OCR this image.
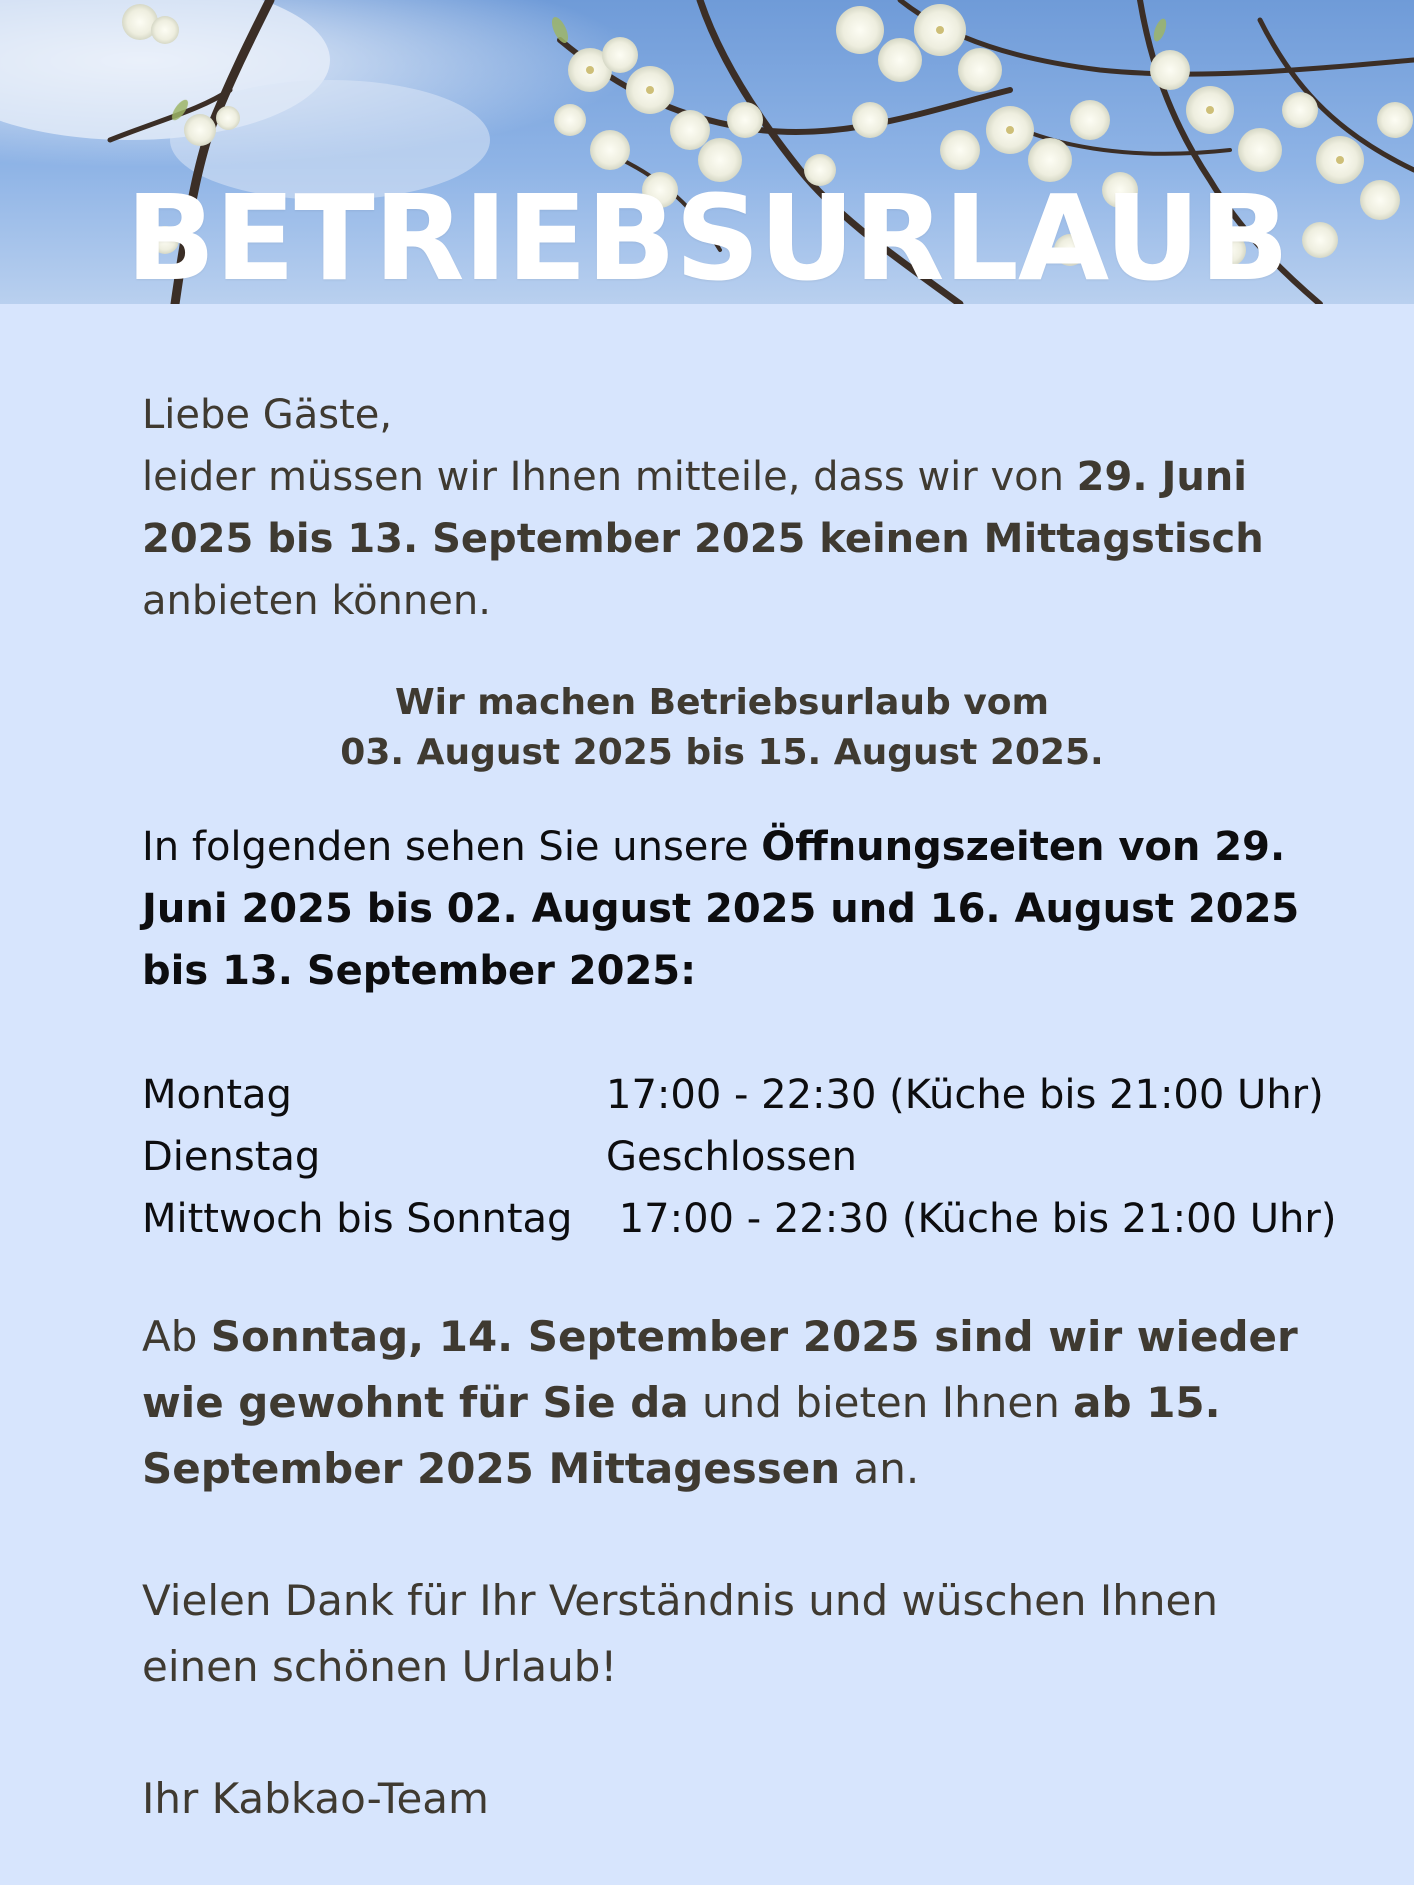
BETRIEBSURLAUB

Liebe Gäste,
leider müssen wir Ihnen mitteile, dass wir von 29. Juni 2025 bis 13. September 2025 keinen Mittagstisch anbieten können.

Wir machen Betriebsurlaub vom
03. August 2025 bis 15. August 2025.

In folgenden sehen Sie unsere Öffnungszeiten von 29. Juni 2025 bis 02. August 2025 und 16. August 2025 bis 13. September 2025:

Montag	17:00 - 22:30 (Küche bis 21:00 Uhr)
Dienstag	Geschlossen
Mittwoch bis Sonntag 17:00 - 22:30 (Küche bis 21:00 Uhr)

Ab Sonntag, 14. September 2025 sind wir wieder wie gewohnt für Sie da und bieten Ihnen ab 15. September 2025 Mittagessen an.

Vielen Dank für Ihr Verständnis und wüschen Ihnen einen schönen Urlaub!

Ihr Kabkao-Team
